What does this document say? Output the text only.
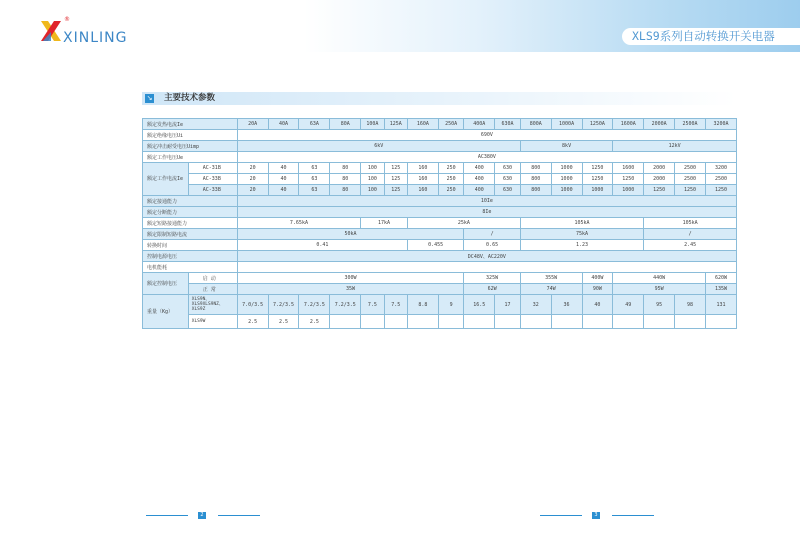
®
XINLING	XLS9系列自动转换开关电器
↘ 主要技术参数
额定发热电流Ie		20A	40A	63A	80A	100A	125A	160A	250A	400A	630A	800A	1000A	1250A	1600A	2000A	2500A	3200A
额定绝缘电压Ui		690V																
额定冲击耐受电压Uimp		6kV										8kV			12kV			
额定工作电压Ue		AC380V																
额定工作电流Ie	AC-31B	20	40	63	80	100	125	160	250	400	630	800	1000	1250	1600	2000	2500	3200
	AC-33B	20	40	63	80	100	125	160	250	400	630	800	1000	1250	1250	2000	2500	2500
	AC-33B	20	40	63	80	100	125	160	250	400	630	800	1000	1000	1000	1250	1250	1250
额定接通能力		10Ie																
额定分断能力		8Ie																
额定短路接通能力		7.65kA				17kA		25kA				105kA				105kA		
额定限制短路电流		50kA								/		75kA				/		
转换时间		0.41						0.455		0.65		1.23				2.45		
控制电源电压		DC48V、AC220V																
电机能耗																		
额定控制电压	启 动	300W								325W		355W		400W	440W			620W
	正 常	35W								62W		74W		90W	95W			135W
重量（Kg）	XLS9N、XLS9XLS9NZ、XLS9Z	7.0/3.5	7.2/3.5	7.2/3.5	7.2/3.5	7.5	7.5	8.8	9	16.5	17	32	36	40	49	95	98	131
	XLS9W	2.5	2.5	2.5														
2	3
